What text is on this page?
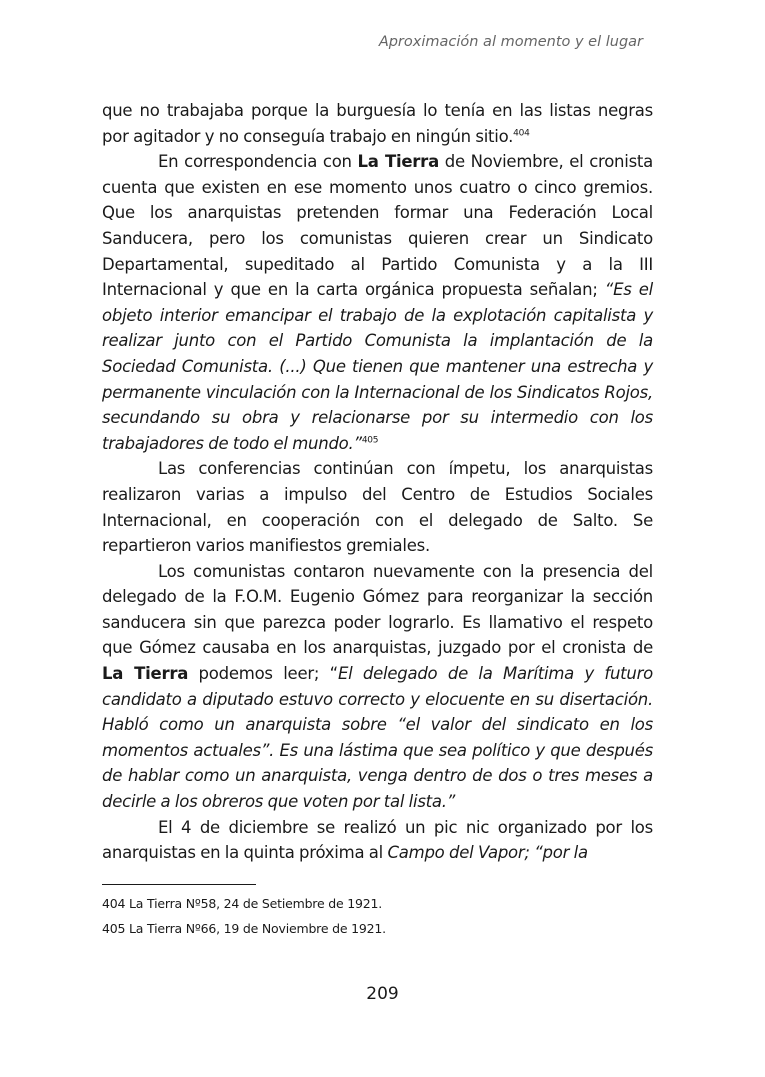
Aproximación al momento y el lugar

que no trabajaba porque la burguesía lo tenía en las listas negras por agitador y no conseguía trabajo en ningún sitio.$^{404}$

En correspondencia con La Tierra de Noviembre, el cronista cuenta que existen en ese momento unos cuatro o cinco gremios. Que los anarquistas pretenden formar una Federación Local Sanducera, pero los comunistas quieren crear un Sindicato Departamental, supeditado al Partido Comunista y a la III Internacional y que en la carta orgánica propuesta señalan; “Es el objeto interior emancipar el trabajo de la explotación capitalista y realizar junto con el Partido Comunista la implantación de la Sociedad Comunista. (...) Que tienen que mantener una estrecha y permanente vinculación con la Internacional de los Sindicatos Rojos, secundando su obra y relacionarse por su intermedio con los trabajadores de todo el mundo.”$^{405}$

Las conferencias continúan con ímpetu, los anarquistas realizaron varias a impulso del Centro de Estudios Sociales Internacional, en cooperación con el delegado de Salto. Se repartieron varios manifiestos gremiales.

Los comunistas contaron nuevamente con la presencia del delegado de la F.O.M. Eugenio Gómez para reorganizar la sección sanducera sin que parezca poder lograrlo. Es llamativo el respeto que Gómez causaba en los anarquistas, juzgado por el cronista de La Tierra podemos leer; “El delegado de la Marítima y futuro candidato a diputado estuvo correcto y elocuente en su disertación. Habló como un anarquista sobre “el valor del sindicato en los momentos actuales”. Es una lástima que sea político y que después de hablar como un anarquista, venga dentro de dos o tres meses a decirle a los obreros que voten por tal lista.”

El 4 de diciembre se realizó un pic nic organizado por los anarquistas en la quinta próxima al Campo del Vapor; “por la

404 La Tierra Nº58, 24 de Setiembre de 1921.

405 La Tierra Nº66, 19 de Noviembre de 1921.

209
